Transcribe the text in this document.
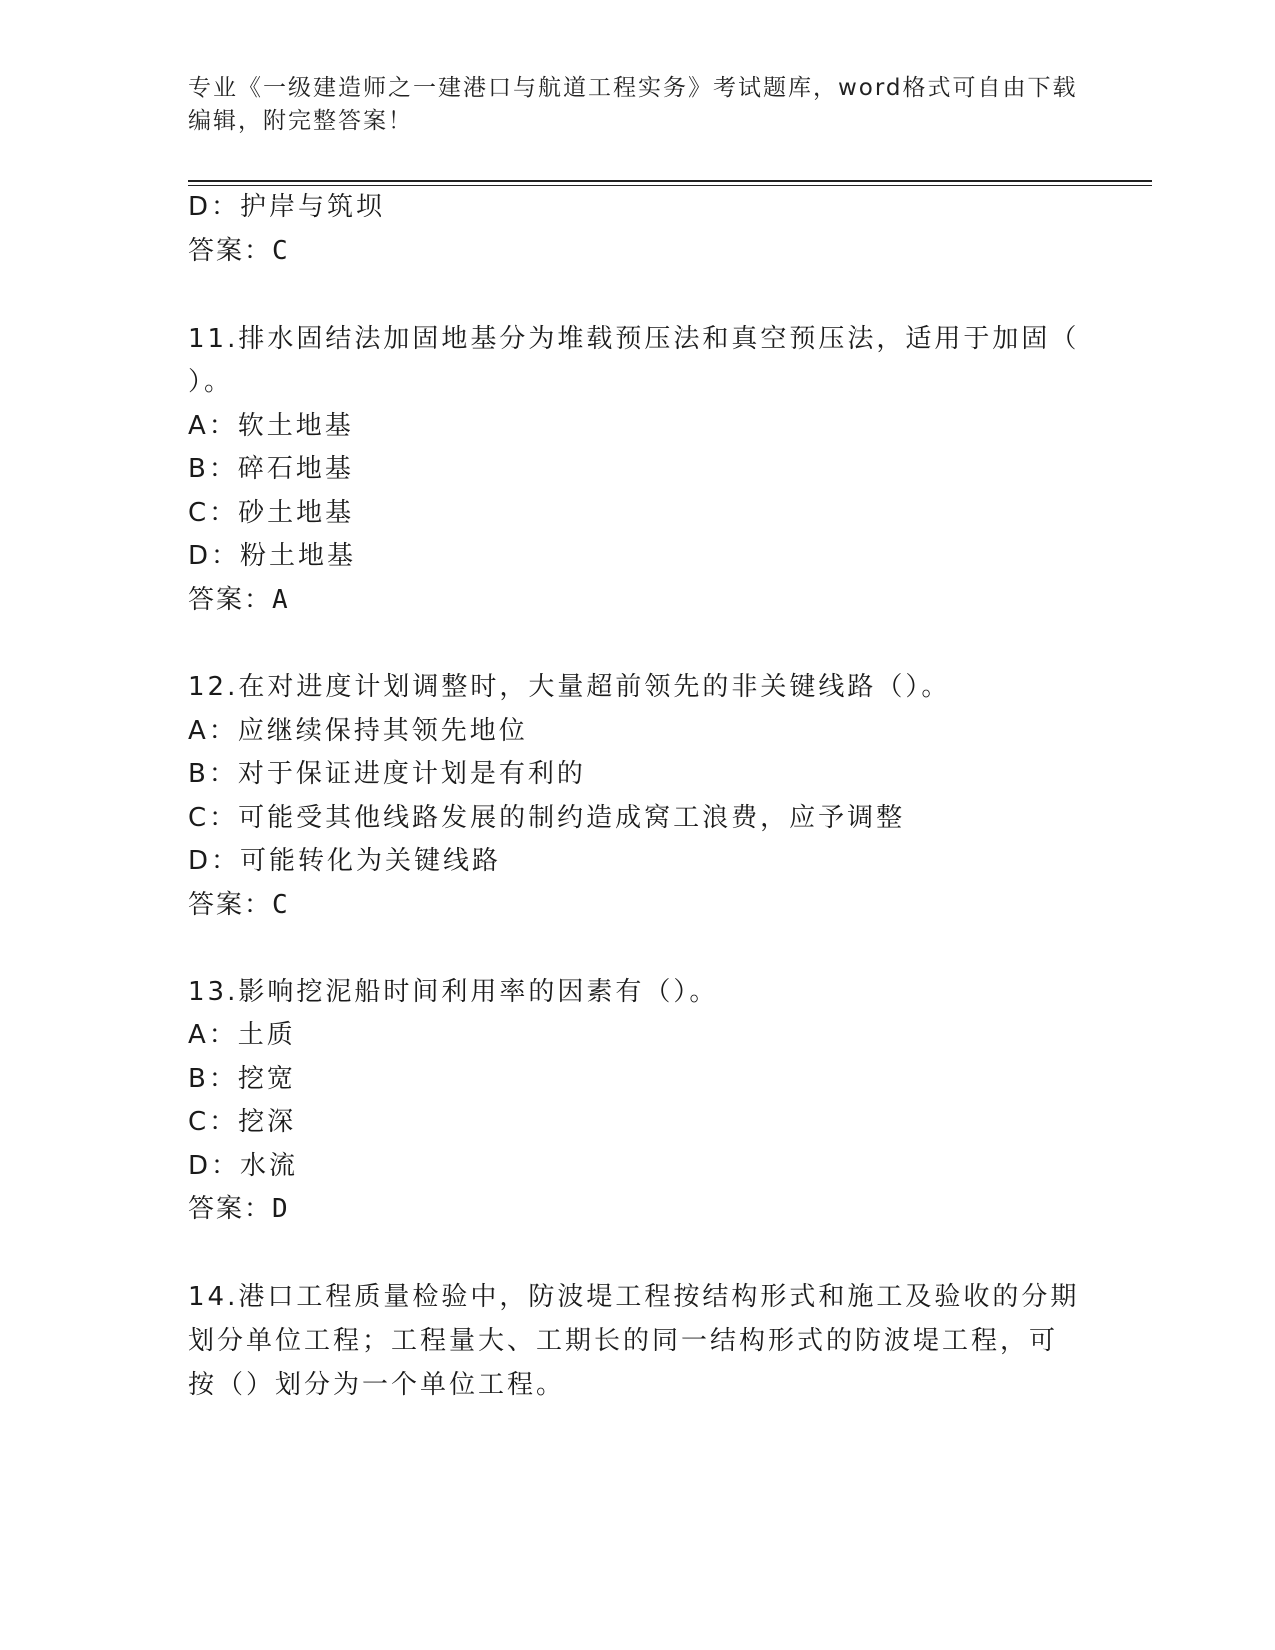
专业《一级建造师之一建港口与航道工程实务》考试题库，word格式可自由下载
编辑，附完整答案！
D：护岸与筑坝
答案：C
11.排水固结法加固地基分为堆载预压法和真空预压法，适用于加固（
）。
A：软土地基
B：碎石地基
C：砂土地基
D：粉土地基
答案：A
12.在对进度计划调整时，大量超前领先的非关键线路（）。
A：应继续保持其领先地位
B：对于保证进度计划是有利的
C：可能受其他线路发展的制约造成窝工浪费，应予调整
D：可能转化为关键线路
答案：C
13.影响挖泥船时间利用率的因素有（）。
A：土质
B：挖宽
C：挖深
D：水流
答案：D
14.港口工程质量检验中，防波堤工程按结构形式和施工及验收的分期
划分单位工程；工程量大、工期长的同一结构形式的防波堤工程，可
按（）划分为一个单位工程。
